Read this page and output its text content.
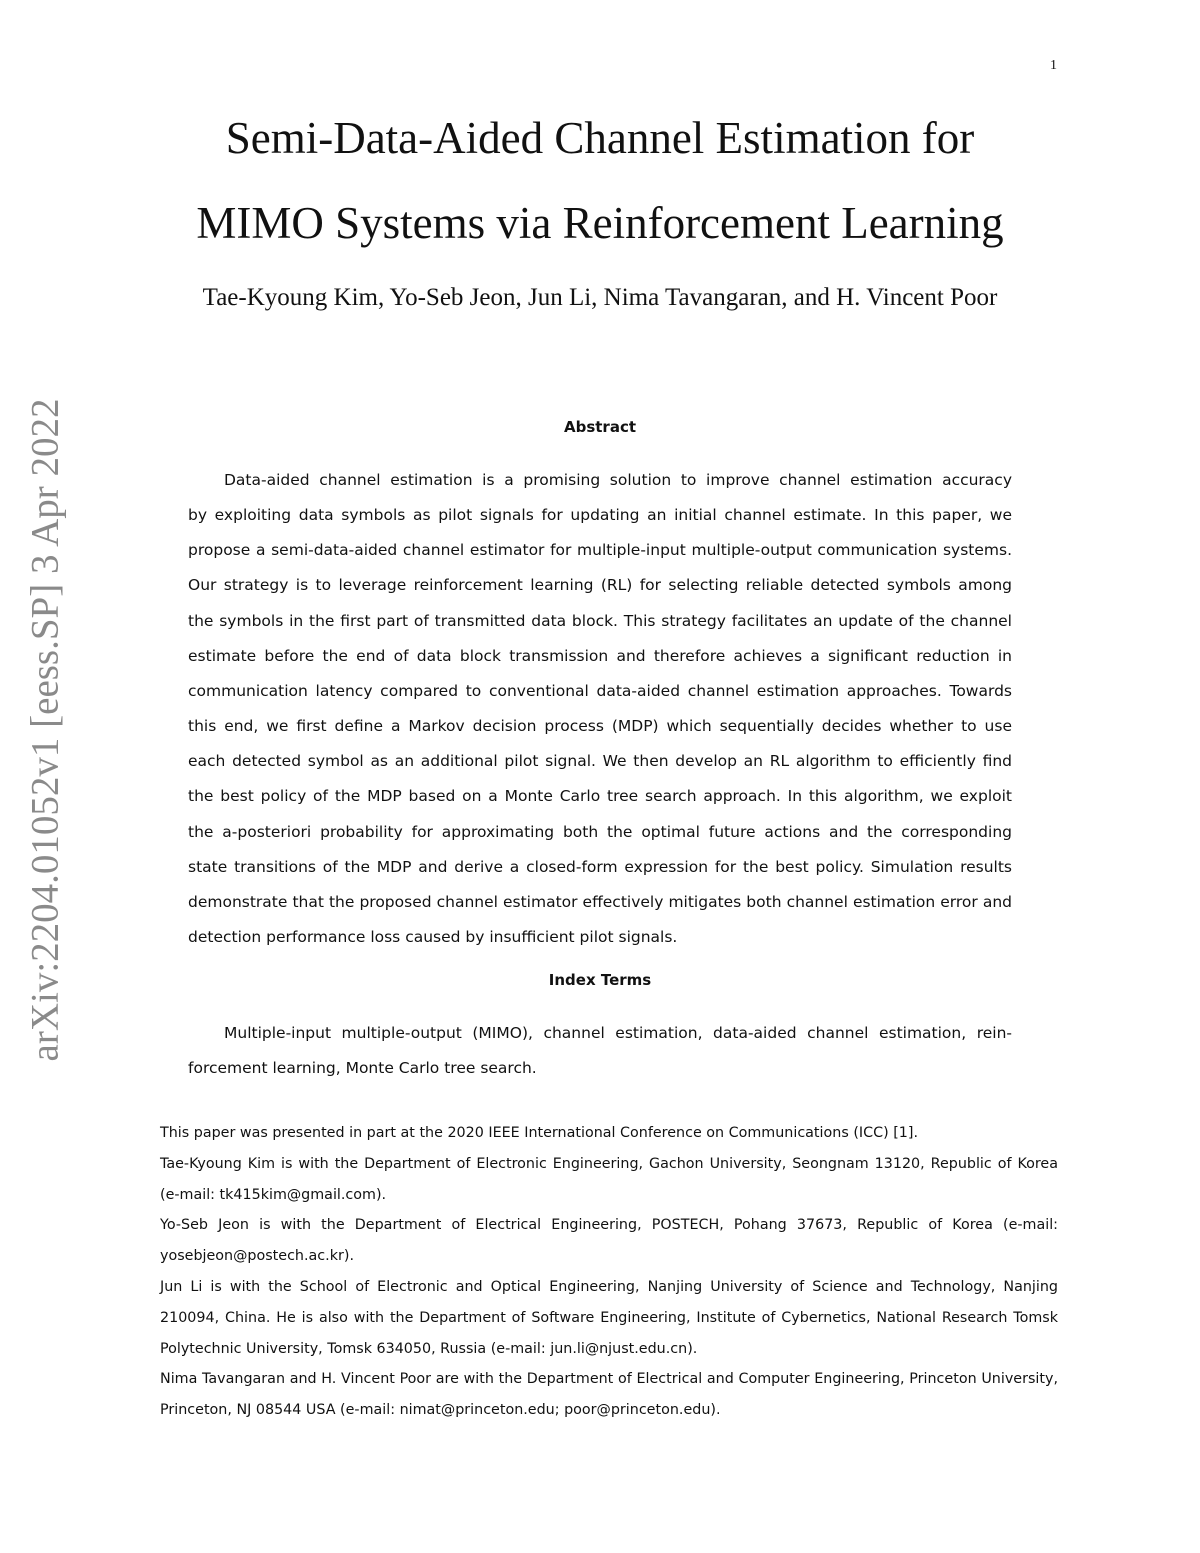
1
arXiv:2204.01052v1 [eess.SP] 3 Apr 2022
Semi-Data-Aided Channel Estimation for
MIMO Systems via Reinforcement Learning
Tae-Kyoung Kim, Yo-Seb Jeon, Jun Li, Nima Tavangaran, and H. Vincent Poor
Abstract
Data-aided channel estimation is a promising solution to improve channel estimation accuracy
by exploiting data symbols as pilot signals for updating an initial channel estimate. In this paper, we
propose a semi-data-aided channel estimator for multiple-input multiple-output communication systems.
Our strategy is to leverage reinforcement learning (RL) for selecting reliable detected symbols among
the symbols in the first part of transmitted data block. This strategy facilitates an update of the channel
estimate before the end of data block transmission and therefore achieves a significant reduction in
communication latency compared to conventional data-aided channel estimation approaches. Towards
this end, we first define a Markov decision process (MDP) which sequentially decides whether to use
each detected symbol as an additional pilot signal. We then develop an RL algorithm to efficiently find
the best policy of the MDP based on a Monte Carlo tree search approach. In this algorithm, we exploit
the a-posteriori probability for approximating both the optimal future actions and the corresponding
state transitions of the MDP and derive a closed-form expression for the best policy. Simulation results
demonstrate that the proposed channel estimator effectively mitigates both channel estimation error and
detection performance loss caused by insufficient pilot signals.
Index Terms
Multiple-input multiple-output (MIMO), channel estimation, data-aided channel estimation, rein-
forcement learning, Monte Carlo tree search.
This paper was presented in part at the 2020 IEEE International Conference on Communications (ICC) [1].
Tae-Kyoung Kim is with the Department of Electronic Engineering, Gachon University, Seongnam 13120, Republic of Korea
(e-mail: tk415kim@gmail.com).
Yo-Seb Jeon is with the Department of Electrical Engineering, POSTECH, Pohang 37673, Republic of Korea (e-mail:
yosebjeon@postech.ac.kr).
Jun Li is with the School of Electronic and Optical Engineering, Nanjing University of Science and Technology, Nanjing
210094, China. He is also with the Department of Software Engineering, Institute of Cybernetics, National Research Tomsk
Polytechnic University, Tomsk 634050, Russia (e-mail: jun.li@njust.edu.cn).
Nima Tavangaran and H. Vincent Poor are with the Department of Electrical and Computer Engineering, Princeton University,
Princeton, NJ 08544 USA (e-mail: nimat@princeton.edu; poor@princeton.edu).
